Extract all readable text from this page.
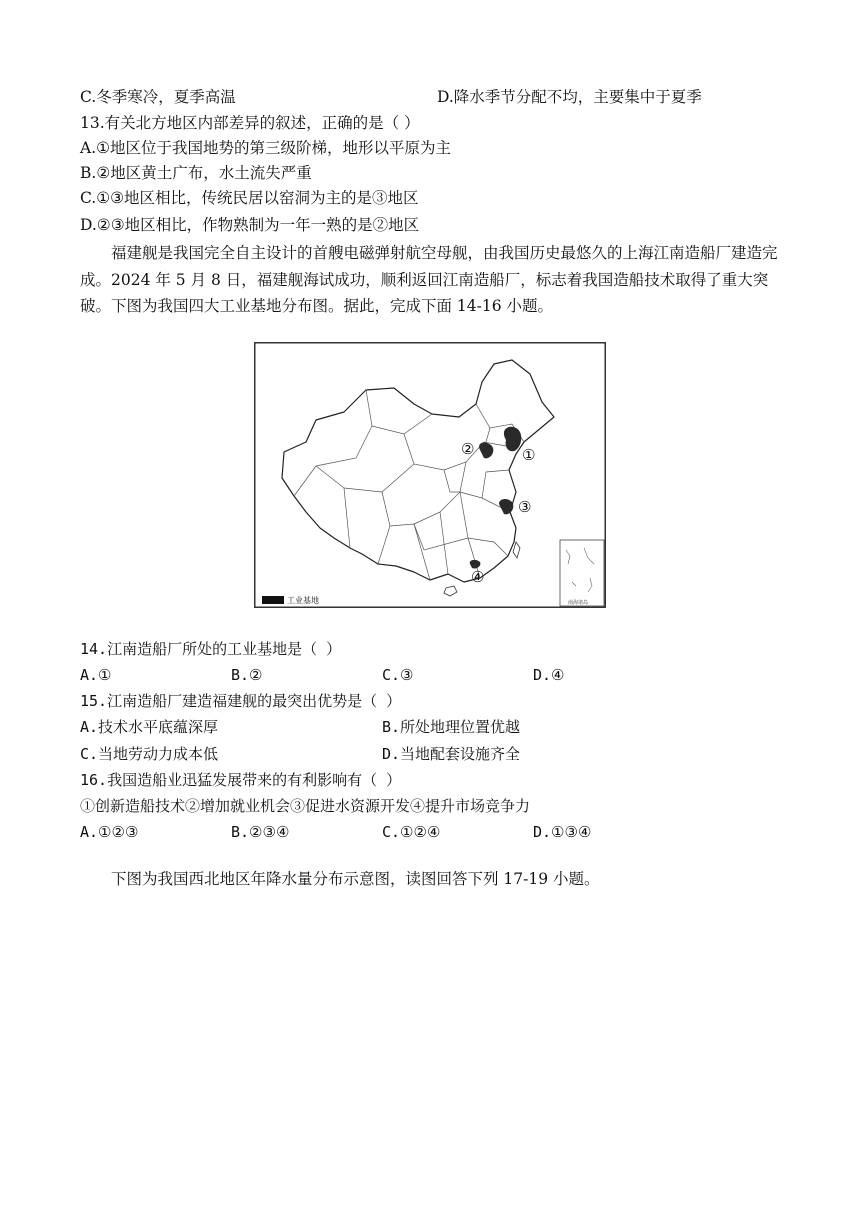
C.冬季寒冷，夏季高温	D.降水季节分配不均，主要集中于夏季
13.有关北方地区内部差异的叙述，正确的是（ ）
A.①地区位于我国地势的第三级阶梯，地形以平原为主
B.②地区黄土广布，水土流失严重
C.①③地区相比，传统民居以窑洞为主的是③地区
D.②③地区相比，作物熟制为一年一熟的是②地区
福建舰是我国完全自主设计的首艘电磁弹射航空母舰，由我国历史最悠久的上海江南造船厂建造完成。2024 年 5 月 8 日，福建舰海试成功，顺利返回江南造船厂，标志着我国造船技术取得了重大突破。下图为我国四大工业基地分布图。据此，完成下面 14-16 小题。
①
②
③
④
南海诸岛
工业基地
14.江南造船厂所处的工业基地是（ ）
A.①	B.②	C.③	D.④
15.江南造船厂建造福建舰的最突出优势是（ ）
A.技术水平底蕴深厚	B.所处地理位置优越
C.当地劳动力成本低	D.当地配套设施齐全
16.我国造船业迅猛发展带来的有利影响有（ ）
①创新造船技术②增加就业机会③促进水资源开发④提升市场竞争力
A.①②③	B.②③④	C.①②④	D.①③④
下图为我国西北地区年降水量分布示意图，读图回答下列 17-19 小题。
